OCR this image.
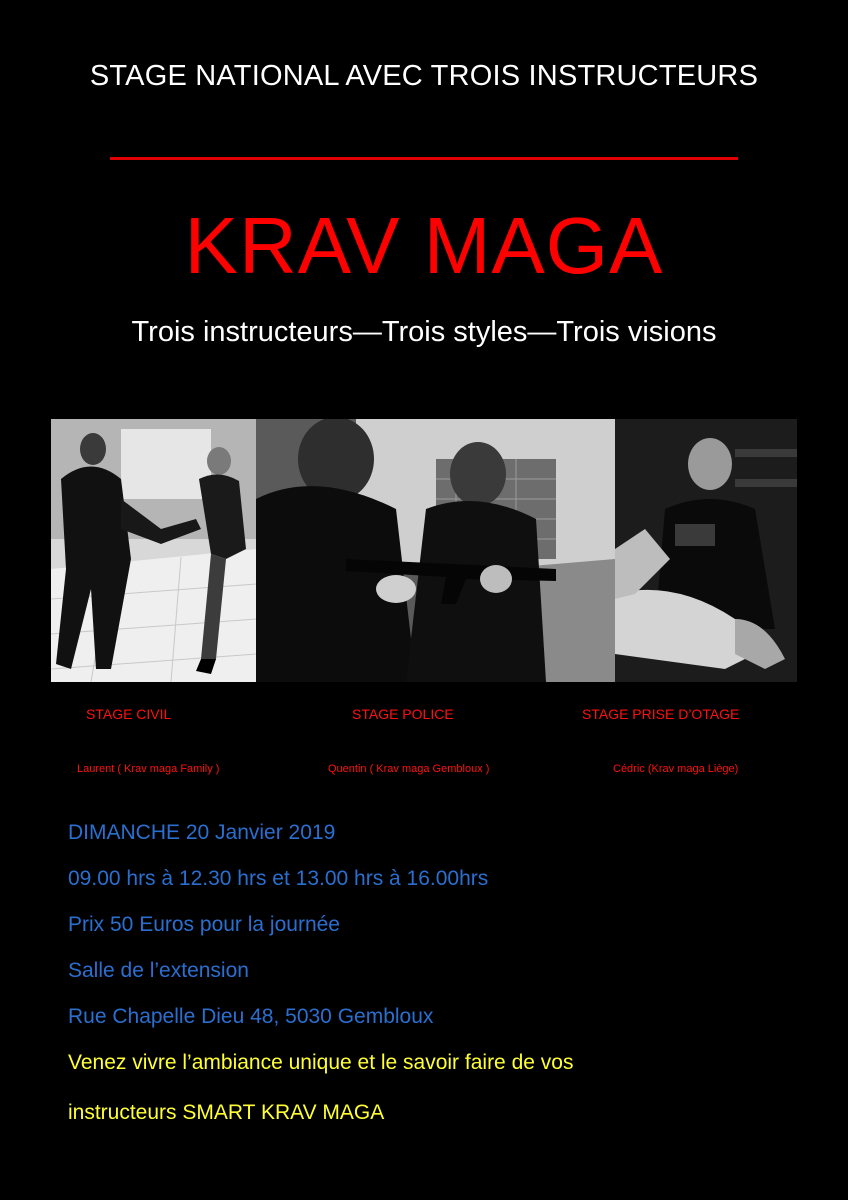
STAGE NATIONAL AVEC TROIS INSTRUCTEURS
KRAV MAGA
Trois instructeurs—Trois styles—Trois visions
STAGE CIVIL	STAGE POLICE	STAGE PRISE D’OTAGE
Laurent ( Krav maga Family )	Quentin ( Krav maga Gembloux )	Cédric (Krav maga Liège)
DIMANCHE 20 Janvier 2019
09.00 hrs à 12.30 hrs et 13.00 hrs à 16.00hrs
Prix 50 Euros pour la journée
Salle de l’extension
Rue Chapelle Dieu 48, 5030 Gembloux
Venez vivre l’ambiance unique et le savoir faire de vos
instructeurs SMART KRAV MAGA
